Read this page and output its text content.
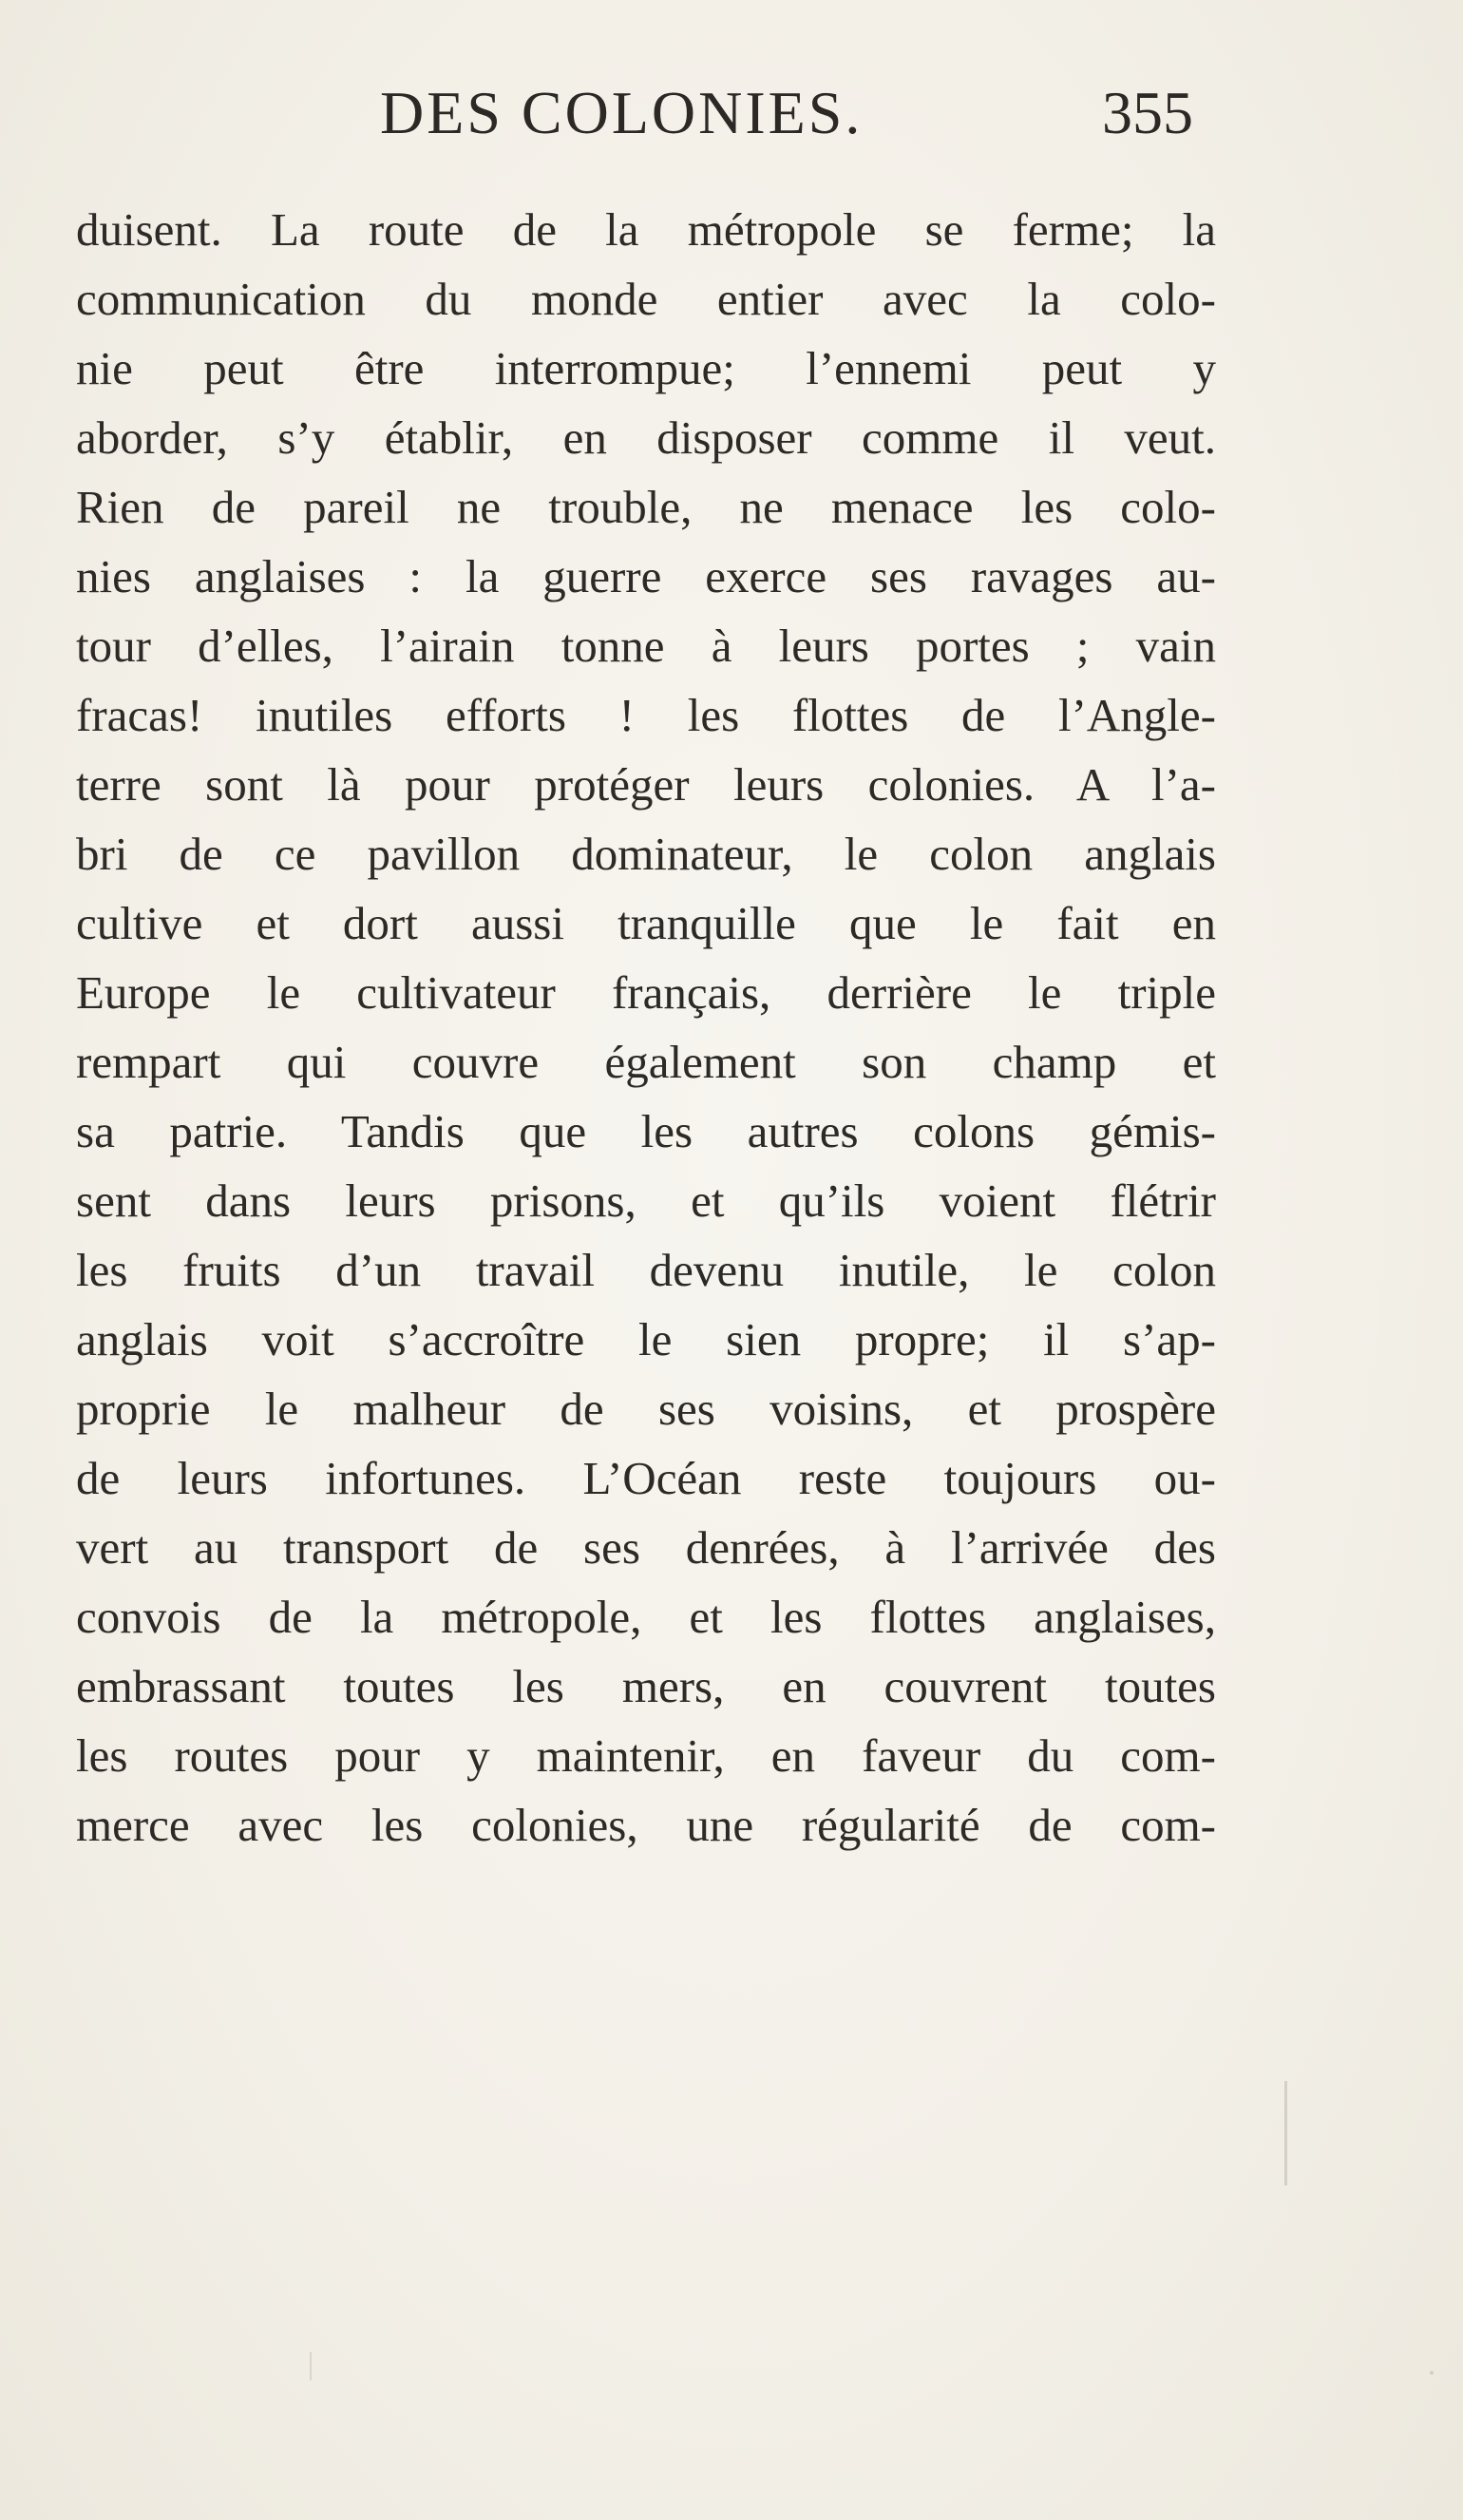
DES COLONIES.	355
duisent. La route de la métropole se ferme; la
communication du monde entier avec la colo-
nie peut être interrompue; l’ennemi peut y
aborder, s’y établir, en disposer comme il veut.
Rien de pareil ne trouble, ne menace les colo-
nies anglaises : la guerre exerce ses ravages au-
tour d’elles, l’airain tonne à leurs portes ; vain
fracas! inutiles efforts ! les flottes de l’Angle-
terre sont là pour protéger leurs colonies. A l’a-
bri de ce pavillon dominateur, le colon anglais
cultive et dort aussi tranquille que le fait en
Europe le cultivateur français, derrière le triple
rempart qui couvre également son champ et
sa patrie. Tandis que les autres colons gémis-
sent dans leurs prisons, et qu’ils voient flétrir
les fruits d’un travail devenu inutile, le colon
anglais voit s’accroître le sien propre; il s’ap-
proprie le malheur de ses voisins, et prospère
de leurs infortunes. L’Océan reste toujours ou-
vert au transport de ses denrées, à l’arrivée des
convois de la métropole, et les flottes anglaises,
embrassant toutes les mers, en couvrent toutes
les routes pour y maintenir, en faveur du com-
merce avec les colonies, une régularité de com-
